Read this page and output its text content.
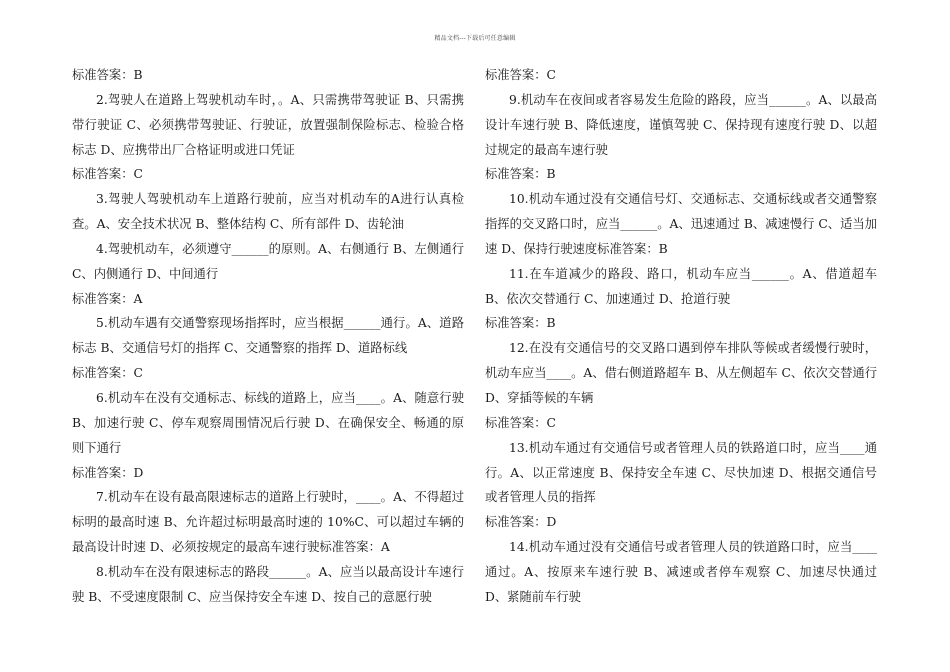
精品文档---下载后可任意编辑
标准答案：B
2.驾驶人在道路上驾驶机动车时，。A、只需携带驾驶证 B、只需携带行驶证 C、必须携带驾驶证、行驶证，放置强制保险标志、检验合格标志 D、应携带出厂合格证明或进口凭证
标准答案：C
3.驾驶人驾驶机动车上道路行驶前，应当对机动车的A进行认真检查。A、安全技术状况 B、整体结构 C、所有部件 D、齿轮油
4.驾驶机动车，必须遵守______的原则。A、右侧通行 B、左侧通行 C、内侧通行 D、中间通行
标准答案：A
5.机动车遇有交通警察现场指挥时，应当根据______通行。A、道路标志 B、交通信号灯的指挥 C、交通警察的指挥 D、道路标线
标准答案：C
6.机动车在没有交通标志、标线的道路上，应当____。A、随意行驶 B、加速行驶 C、停车观察周围情况后行驶 D、在确保安全、畅通的原则下通行
标准答案：D
7.机动车在设有最高限速标志的道路上行驶时，____。A、不得超过标明的最高时速 B、允许超过标明最高时速的 10%C、可以超过车辆的最高设计时速 D、必须按规定的最高车速行驶标准答案：A
8.机动车在没有限速标志的路段______。A、应当以最高设计车速行驶 B、不受速度限制 C、应当保持安全车速 D、按自己的意愿行驶
标准答案：C
9.机动车在夜间或者容易发生危险的路段，应当______。A、以最高设计车速行驶 B、降低速度，谨慎驾驶 C、保持现有速度行驶 D、以超过规定的最高车速行驶
标准答案：B
10.机动车通过没有交通信号灯、交通标志、交通标线或者交通警察指挥的交叉路口时，应当______。A、迅速通过 B、减速慢行 C、适当加速 D、保持行驶速度标准答案：B
11.在车道减少的路段、路口，机动车应当______。A、借道超车 B、依次交替通行 C、加速通过 D、抢道行驶
标准答案：B
12.在没有交通信号的交叉路口遇到停车排队等候或者缓慢行驶时，机动车应当____。A、借右侧道路超车 B、从左侧超车 C、依次交替通行 D、穿插等候的车辆
标准答案：C
13.机动车通过有交通信号或者管理人员的铁路道口时，应当____通行。A、以正常速度 B、保持安全车速 C、尽快加速 D、根据交通信号或者管理人员的指挥
标准答案：D
14.机动车通过没有交通信号或者管理人员的铁道路口时，应当____通过。A、按原来车速行驶 B、减速或者停车观察 C、加速尽快通过 D、紧随前车行驶
